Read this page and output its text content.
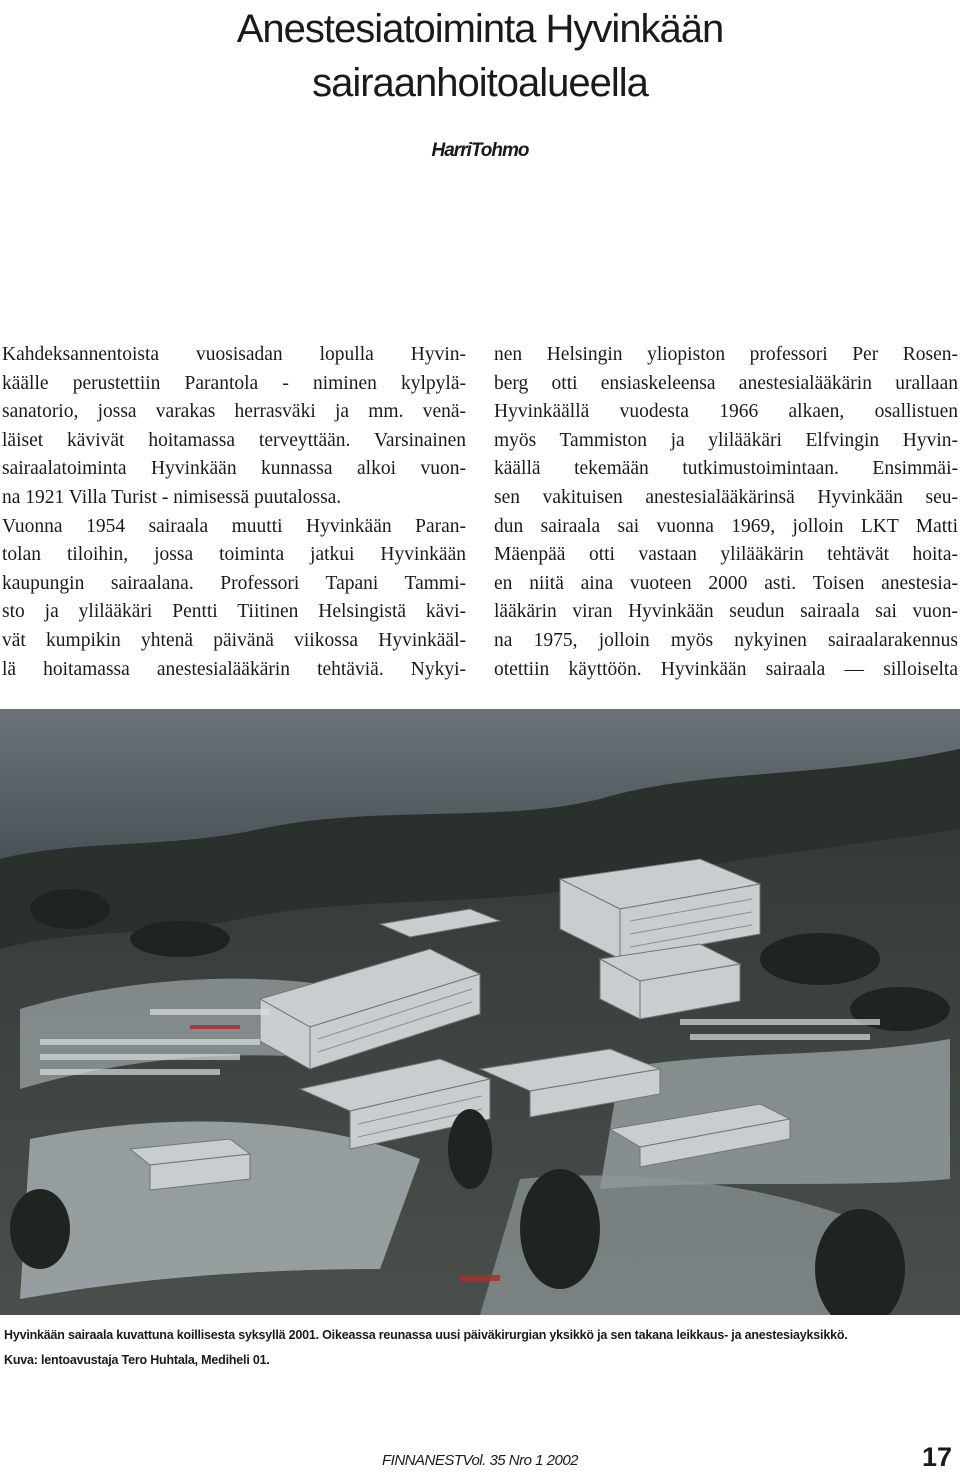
Anestesiatoiminta Hyvinkään
sairaanhoitoalueella
HarriTohmo
Kahdeksannentoista vuosisadan lopulla Hyvin-
käälle perustettiin Parantola - niminen kylpylä-
sanatorio, jossa varakas herrasväki ja mm. venä-
läiset kävivät hoitamassa terveyttään. Varsinainen
sairaalatoiminta Hyvinkään kunnassa alkoi vuon-
na 1921 Villa Turist - nimisessä puutalossa.
Vuonna 1954 sairaala muutti Hyvinkään Paran-
tolan tiloihin, jossa toiminta jatkui Hyvinkään
kaupungin sairaalana. Professori Tapani Tammi-
sto ja ylilääkäri Pentti Tiitinen Helsingistä kävi-
vät kumpikin yhtenä päivänä viikossa Hyvinkääl-
lä hoitamassa anestesialääkärin tehtäviä. Nykyi-
nen Helsingin yliopiston professori Per Rosen-
berg otti ensiaskeleensa anestesialääkärin urallaan
Hyvinkäällä vuodesta 1966 alkaen, osallistuen
myös Tammiston ja ylilääkäri Elfvingin Hyvin-
käällä tekemään tutkimustoimintaan. Ensimmäi-
sen vakituisen anestesialääkärinsä Hyvinkään seu-
dun sairaala sai vuonna 1969, jolloin LKT Matti
Mäenpää otti vastaan ylilääkärin tehtävät hoita-
en niitä aina vuoteen 2000 asti. Toisen anestesia-
lääkärin viran Hyvinkään seudun sairaala sai vuon-
na 1975, jolloin myös nykyinen sairaalarakennus
otettiin käyttöön. Hyvinkään sairaala — silloiselta
Hyvinkään sairaala kuvattuna koillisesta syksyllä 2001. Oikeassa reunassa uusi päiväkirurgian yksikkö ja sen takana leikkaus- ja anestesiayksikkö.
Kuva: lentoavustaja Tero Huhtala, Mediheli 01.
FINNANESTVol. 35 Nro 1 2002	17
